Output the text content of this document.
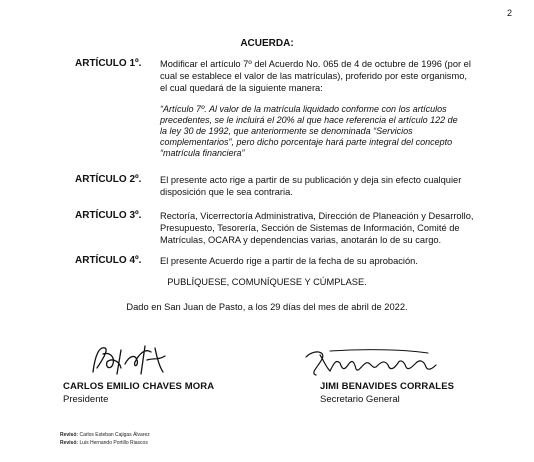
2
ACUERDA:
ARTÍCULO 1º. Modificar el artículo 7º del Acuerdo No. 065 de 4 de octubre de 1996 (por el
cual se establece el valor de las matrículas), proferido por este organismo,
el cual quedará de la siguiente manera:
“Artículo 7º. Al valor de la matrícula liquidado conforme con los artículos
precedentes, se le incluirá el 20% al que hace referencia el artículo 122 de
la ley 30 de 1992, que anteriormente se denominada “Servicios
complementarios”, pero dicho porcentaje hará parte integral del concepto
“matrícula financiera”
ARTÍCULO 2º. El presente acto rige a partir de su publicación y deja sin efecto cualquier
disposición que le sea contraria.
ARTÍCULO 3º. Rectoría, Vicerrectoría Administrativa, Dirección de Planeación y Desarrollo,
Presupuesto, Tesorería, Sección de Sistemas de Información, Comité de
Matrículas, OCARA y dependencias varias, anotarán lo de su cargo.
ARTÍCULO 4º. El presente Acuerdo rige a partir de la fecha de su aprobación.
PUBLÍQUESE, COMUNÍQUESE Y CÚMPLASE.
Dado en San Juan de Pasto, a los 29 días del mes de abril de 2022.
CARLOS EMILIO CHAVES MORA
Presidente
JIMI BENAVIDES CORRALES
Secretario General
Revisó: Carlos Esteban Cajigas Álvarez
Revisó: Luis Hernando Portillo Riascos
